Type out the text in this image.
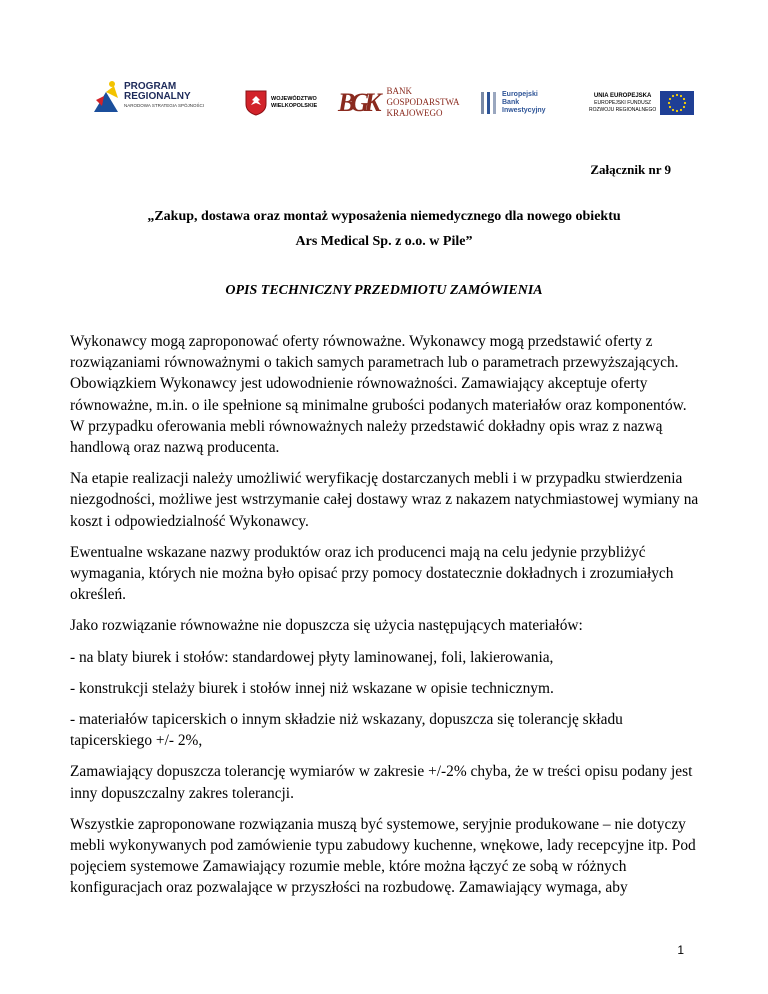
PROGRAM
REGIONALNY
NARODOWA STRATEGIA SPÓJNOŚCI
WOJEWÓDZTWO
WIELKOPOLSKIE BGK BANK
GOSPODARSTWA
KRAJOWEGO
Europejski
Bank
Inwestycyjny
UNIA EUROPEJSKA
EUROPEJSKI FUNDUSZ
ROZWOJU REGIONALNEGO
Załącznik nr 9
„Zakup, dostawa oraz montaż wyposażenia niemedycznego dla nowego obiektu
Ars Medical Sp. z o.o. w Pile”
OPIS TECHNICZNY PRZEDMIOTU ZAMÓWIENIA

Wykonawcy mogą zaproponować oferty równoważne. Wykonawcy mogą przedstawić oferty z rozwiązaniami równoważnymi o takich samych parametrach lub o parametrach przewyższających. Obowiązkiem Wykonawcy jest udowodnienie równoważności. Zamawiający akceptuje oferty równoważne, m.in. o ile spełnione są minimalne grubości podanych materiałów oraz komponentów. W przypadku oferowania mebli równoważnych należy przedstawić dokładny opis wraz z nazwą handlową oraz nazwą producenta.

Na etapie realizacji należy umożliwić weryfikację dostarczanych mebli i w przypadku stwierdzenia niezgodności, możliwe jest wstrzymanie całej dostawy wraz z nakazem natychmiastowej wymiany na koszt i odpowiedzialność Wykonawcy.

Ewentualne wskazane nazwy produktów oraz ich producenci mają na celu jedynie przybliżyć wymagania, których nie można było opisać przy pomocy dostatecznie dokładnych i zrozumiałych określeń.

Jako rozwiązanie równoważne nie dopuszcza się użycia następujących materiałów:

- na blaty biurek i stołów: standardowej płyty laminowanej, foli, lakierowania,

- konstrukcji stelaży biurek i stołów innej niż wskazane w opisie technicznym.

- materiałów tapicerskich o innym składzie niż wskazany, dopuszcza się tolerancję składu tapicerskiego +/- 2%,

Zamawiający dopuszcza tolerancję wymiarów w zakresie +/-2% chyba, że w treści opisu podany jest inny dopuszczalny zakres tolerancji.

Wszystkie zaproponowane rozwiązania muszą być systemowe, seryjnie produkowane – nie dotyczy mebli wykonywanych pod zamówienie typu zabudowy kuchenne, wnękowe, lady recepcyjne itp. Pod pojęciem systemowe Zamawiający rozumie meble, które można łączyć ze sobą w różnych konfiguracjach oraz pozwalające w przyszłości na rozbudowę. Zamawiający wymaga, aby

1
